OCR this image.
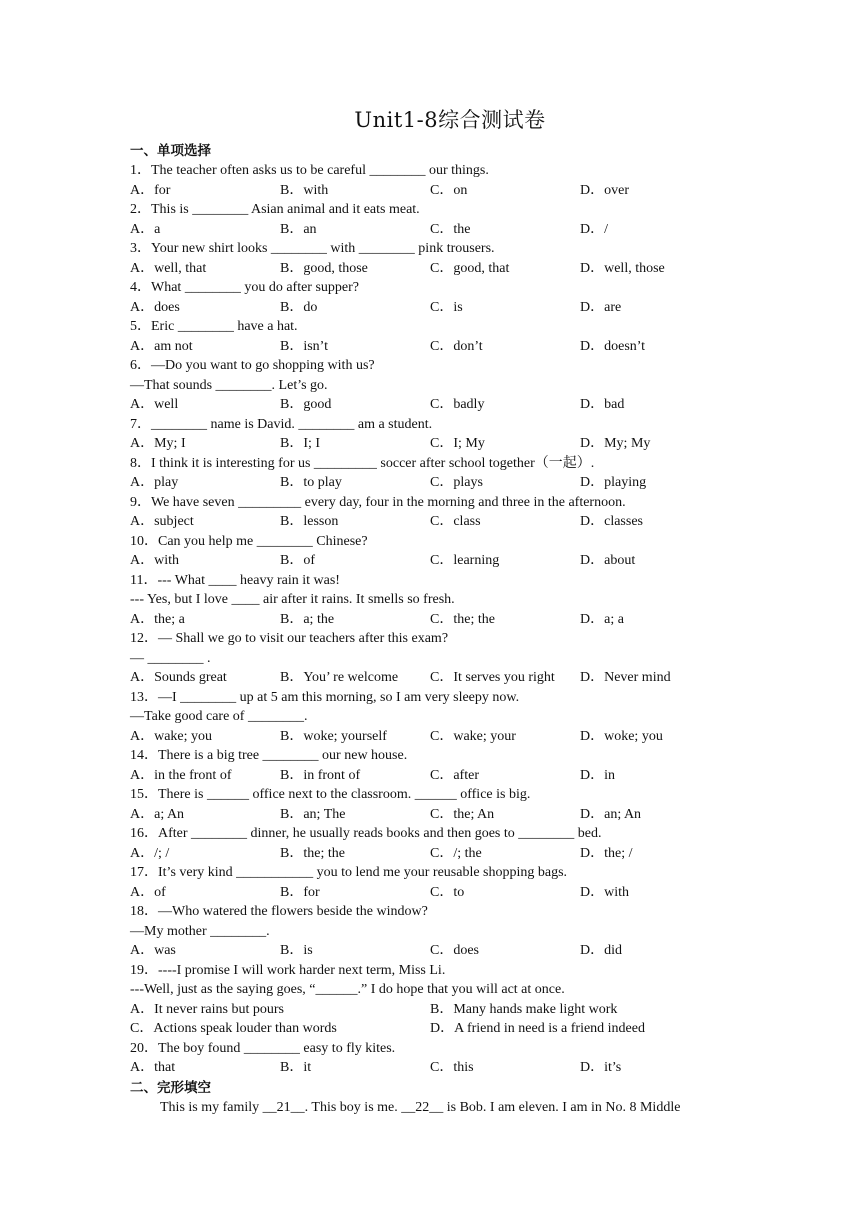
Unit1-8综合测试卷
一、单项选择
1．The teacher often asks us to be careful ________ our things.
A．for	B．with	C．on	D．over
2．This is ________ Asian animal and it eats meat.
A．a	B．an	C．the	D．/
3．Your new shirt looks ________ with ________ pink trousers.
A．well, that	B．good, those	C．good, that	D．well, those
4．What ________ you do after supper?
A．does	B．do	C．is	D．are
5．Eric ________ have a hat.
A．am not	B．isn’t	C．don’t	D．doesn’t
6．—Do you want to go shopping with us?
—That sounds ________. Let’s go.
A．well	B．good	C．badly	D．bad
7．________ name is David. ________ am a student.
A．My; I	B．I; I	C．I; My	D．My; My
8．I think it is interesting for us _________ soccer after school together（一起）.
A．play	B．to play	C．plays	D．playing
9．We have seven _________ every day, four in the morning and three in the afternoon.
A．subject	B．lesson	C．class	D．classes
10．Can you help me ________ Chinese?
A．with	B．of	C．learning	D．about
11．--- What ____ heavy rain it was!
--- Yes, but I love ____ air after it rains. It smells so fresh.
A．the; a	B．a; the	C．the; the	D．a; a
12．— Shall we go to visit our teachers after this exam?
— ________ .
A．Sounds great	B．You’ re welcome	C．It serves you right	D．Never mind
13．—I ________ up at 5 am this morning, so I am very sleepy now.
—Take good care of ________.
A．wake; you	B．woke; yourself	C．wake; your	D．woke; you
14．There is a big tree ________ our new house.
A．in the front of	B．in front of	C．after	D．in
15．There is ______ office next to the classroom. ______ office is big.
A．a; An	B．an; The	C．the; An	D．an; An
16．After ________ dinner, he usually reads books and then goes to ________ bed.
A．/; /	B．the; the	C．/; the	D．the; /
17．It’s very kind ___________ you to lend me your reusable shopping bags.
A．of	B．for	C．to	D．with
18．—Who watered the flowers beside the window?
—My mother ________.
A．was	B．is	C．does	D．did
19．----I promise I will work harder next term, Miss Li.
---Well, just as the saying goes, “______.” I do hope that you will act at once.
A．It never rains but pours	B．Many hands make light work
C．Actions speak louder than words	D．A friend in need is a friend indeed
20．The boy found ________ easy to fly kites.
A．that	B．it	C．this	D．it’s
二、完形填空
This is my family __21__. This boy is me. __22__ is Bob. I am eleven. I am in No. 8 Middle
